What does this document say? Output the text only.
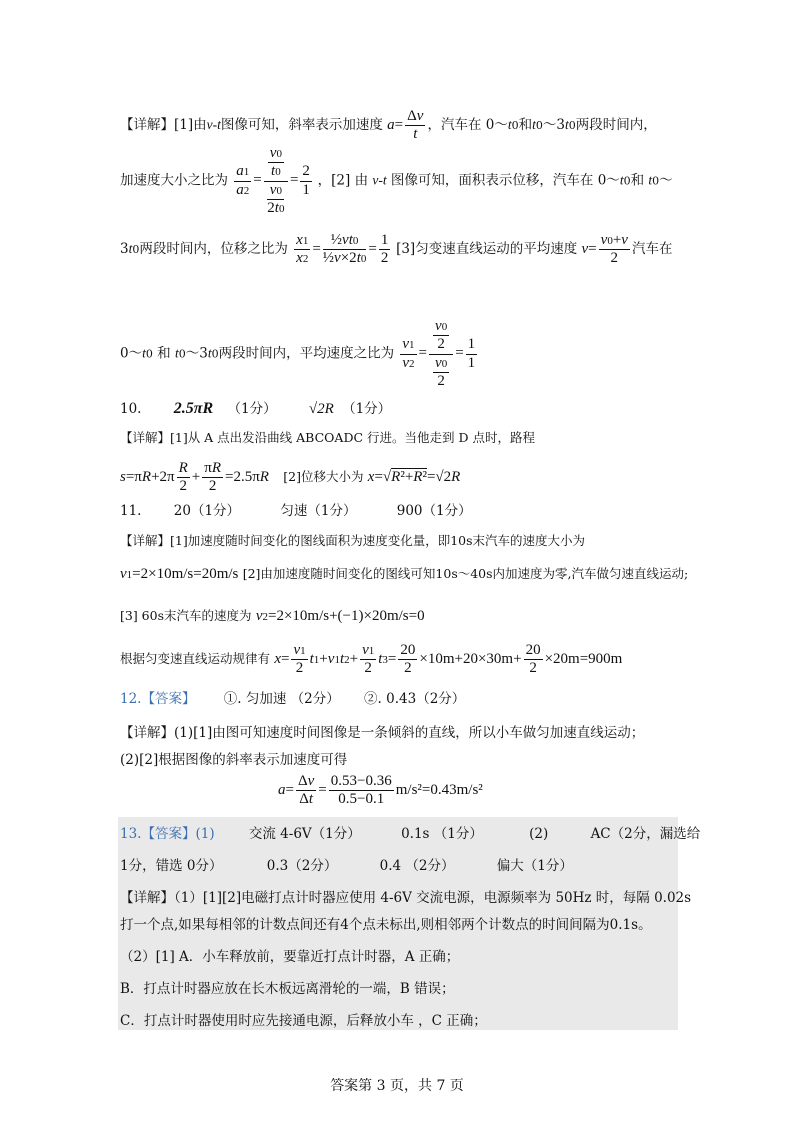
【详解】[1]由v-t图像可知，斜率表示加速度 $a= \frac{\Delta v}{t}$ ，汽车在 0～t0和t0～3t0两段时间内，
加速度大小之比为 $\frac{a1}{a2} = \frac{\frac{v0}{t0}}{\frac{v0}{2t0}} = \frac{2}{1}$ ，[2] 由 v-t 图像可知，面积表示位移，汽车在 0～t0和 t0～
3t0两段时间内，位移之比为 $\frac{x1}{x2} = \frac{\text{½vt0}}{\text{½v×2t0}} = \frac{1}{2} [3]$匀变速直线运动的平均速度 $v= \frac{v0+v}{2}$ 汽车在
0～t0 和 t0～3t0两段时间内，平均速度之比为 $\frac{v1}{v2} = \frac{\frac{v0}{2}}{\frac{v0}{2}} = \frac{1}{1}$
10. 2.5πR （1分） √2R （1分）
【详解】[1]从 A 点出发沿曲线 ABCOADC 行进。当他走到 D 点时，路程
$s=\pi R+2\pi \frac{R}{2} + \frac{\pi R}{2} =2.5\pi R$ [2]位移大小为 x=√R²+R²=√2R
11. 20（1分）	匀速（1分）	900（1分）
【详解】[1]加速度随时间变化的图线面积为速度变化量，即10s末汽车的速度大小为
v1=2×10m/s=20m/s [2]由加速度随时间变化的图线可知10s～40s内加速度为零,汽车做匀速直线运动;
[3] 60s末汽车的速度为 v2=2×10m/s+(−1)×20m/s=0
根据匀变速直线运动规律有 $x= \frac{v1}{2} t1+v1t2+ \frac{v1}{2} t3= \frac{20}{2} \times 10m+20\times 30m+ \frac{20}{2} \times 20m=900m$
12.【答案】 ①. 匀加速 （2分） ②. 0.43（2分）
【详解】(1)[1]由图可知速度时间图像是一条倾斜的直线，所以小车做匀加速直线运动；
(2)[2]根据图像的斜率表示加速度可得
$a= \frac{\Delta v}{\Delta t} = \frac{0.53-0.36}{0.5-0.1} m/s^2=0.43m/s^2$
13.【答案】(1)	交流 4-6V（1分）	0.1s （1分）	(2)	AC（2分，漏选给
1分，错选 0分）	0.3（2分）	0.4 （2分）	偏大（1分）
【详解】（1）[1][2]电磁打点计时器应使用 4-6V 交流电源，电源频率为 50Hz 时，每隔 0.02s
打一个点,如果每相邻的计数点间还有4个点未标出,则相邻两个计数点的时间间隔为0.1s。
（2）[1] A．小车释放前，要靠近打点计时器，A 正确；
B．打点计时器应放在长木板远离滑轮的一端，B 错误；
C．打点计时器使用时应先接通电源，后释放小车 ，C 正确；
答案第 3 页，共 7 页
